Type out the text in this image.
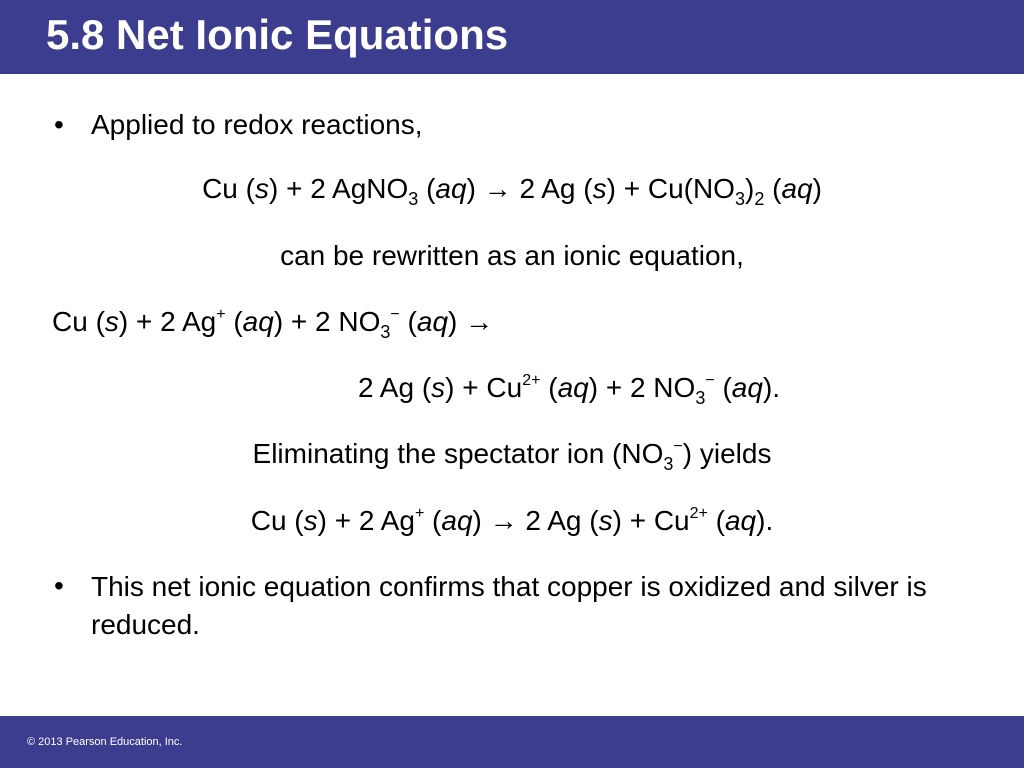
5.8 Net Ionic Equations
• Applied to redox reactions,
Cu (s) + 2 AgNO$_3$ (aq) → 2 Ag $(s) + Cu(NO_3)_2$ (aq)
can be rewritten as an ionic equation,
Cu (s) + 2 Ag+ (aq) + 2 $NO_3^-$ (aq) →
2 Ag $(s) + Cu^{2+}$ (aq) + 2 $NO_3^-$ (aq).
Eliminating the spectator ion $(NO_3^-)$ yields
Cu (s) + 2 Ag+ (aq) → 2 Ag $(s) + Cu^{2+}$ (aq).
• This net ionic equation confirms that copper is oxidized and silver is reduced.
© 2013 Pearson Education, Inc.
